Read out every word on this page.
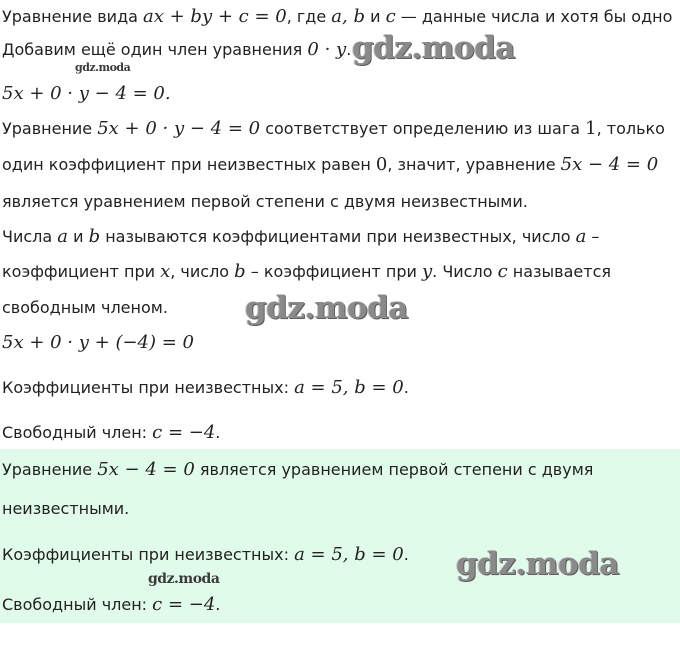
Уравнение вида ax + by + c = 0, где a, b и c — данные числа и хотя бы одно
Добавим ещё один член уравнения 0 · y.
5x + 0 · y − 4 = 0.
Уравнение 5x + 0 · y − 4 = 0 соответствует определению из шага 1, только
один коэффициент при неизвестных равен 0, значит, уравнение 5x − 4 = 0
является уравнением первой степени с двумя неизвестными.
Числа a и b называются коэффициентами при неизвестных, число a –
коэффициент при x, число b – коэффициент при y. Число c называется
свободным членом.
5x + 0 · y + (−4) = 0
Коэффициенты при неизвестных: a = 5, b = 0.
Свободный член: c = −4.
Уравнение 5x − 4 = 0 является уравнением первой степени с двумя
неизвестными.
Коэффициенты при неизвестных: a = 5, b = 0.
Свободный член: c = −4.
gdz.moda
gdz.moda
gdz.moda
gdz.moda
gdz.moda
